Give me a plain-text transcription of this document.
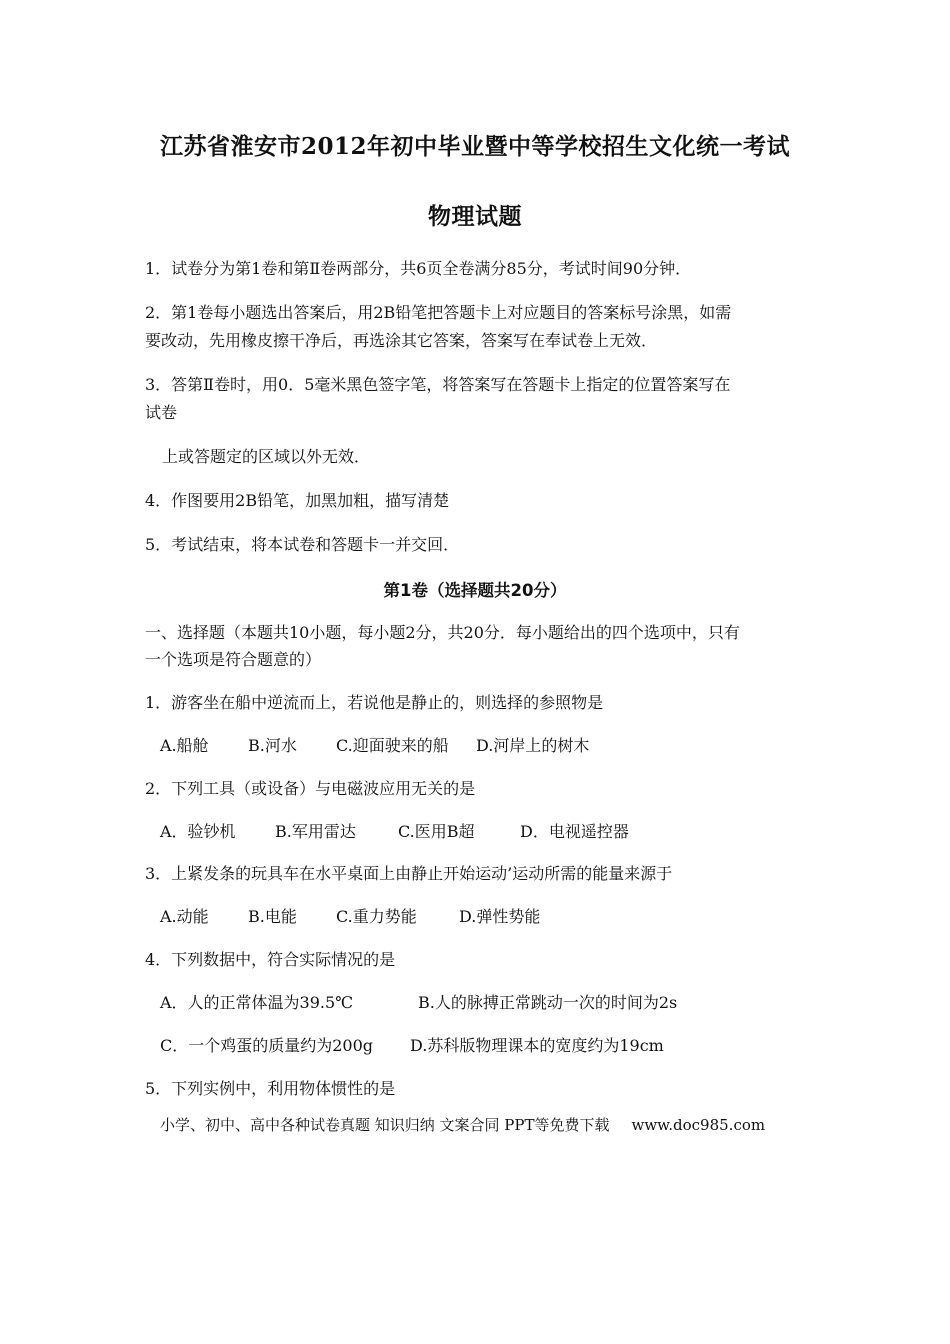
江苏省淮安市2012年初中毕业暨中等学校招生文化统一考试
物理试题
1．试卷分为第1卷和第Ⅱ卷两部分，共6页全卷满分85分，考试时间90分钟．
2．第1卷每小题选出答案后，用2B铅笔把答题卡上对应题目的答案标号涂黑，如需
要改动，先用橡皮擦干净后，再选涂其它答案，答案写在奉试卷上无效．
3．答第Ⅱ卷时，用0．5毫米黑色签字笔，将答案写在答题卡上指定的位置答案写在
试卷
上或答题定的区域以外无效．
4．作图要用2B铅笔，加黑加粗，描写清楚
5．考试结束，将本试卷和答题卡一并交回．
第1卷（选择题共20分）
一、选择题（本题共10小题，每小题2分，共20分．每小题给出的四个选项中，只有
一个选项是符合题意的）
1．游客坐在船中逆流而上，若说他是静止的，则选择的参照物是
A.船舱 B.河水 C.迎面驶来的船 D.河岸上的树木
2．下列工具（或设备）与电磁波应用无关的是
A．验钞机 B.军用雷达	C.医用B超	D．电视遥控器
3．上紧发条的玩具车在水平桌面上由静止开始运动’运动所需的能量来源于
A.动能 B.电能 C.重力势能	D.弹性势能
4．下列数据中，符合实际情况的是
A．人的正常体温为39.5℃	B.人的脉搏正常跳动一次的时间为2s
C．一个鸡蛋的质量约为200g D.苏科版物理课本的宽度约为19cm
5．下列实例中，利用物体惯性的是
小学、初中、高中各种试卷真题 知识归纳 文案合同 PPT等免费下载 www.doc985.com
